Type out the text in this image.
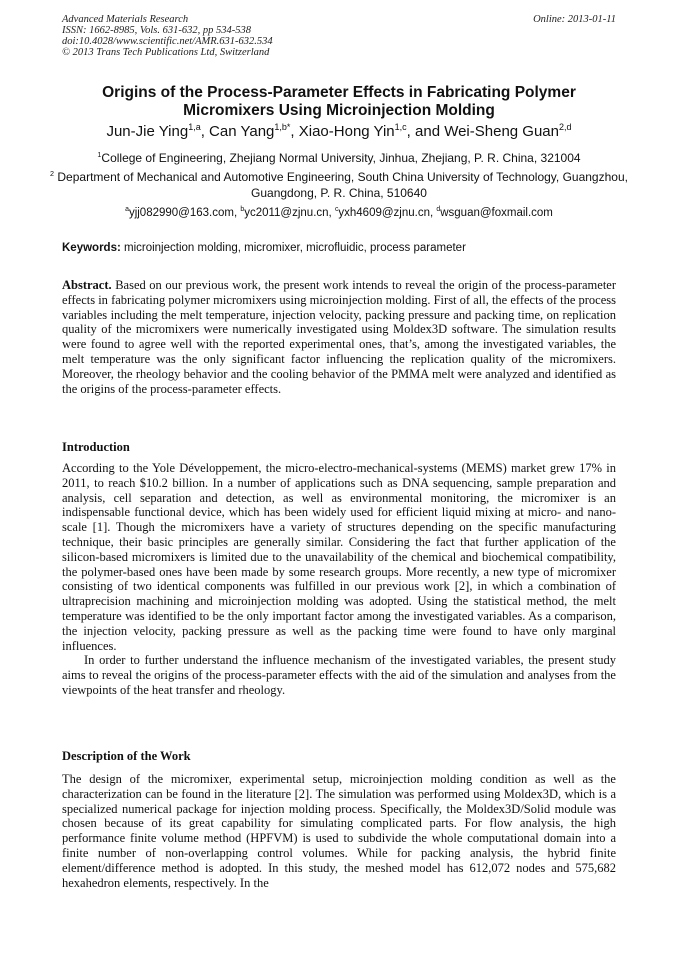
Advanced Materials Research
ISSN: 1662-8985, Vols. 631-632, pp 534-538
doi:10.4028/www.scientific.net/AMR.631-632.534
© 2013 Trans Tech Publications Ltd, Switzerland
Online: 2013-01-11
Origins of the Process-Parameter Effects in Fabricating Polymer
Micromixers Using Microinjection Molding
Jun-Jie Ying$^{1,a}$, Can Yang$^{1,b*}$, Xiao-Hong Yin$^{1,c}$, and Wei-Sheng Guan$^{2,d}$
$^1$College of Engineering, Zhejiang Normal University, Jinhua, Zhejiang, P. R. China, 321004
$^2$ Department of Mechanical and Automotive Engineering, South China University of Technology, Guangzhou, Guangdong, P. R. China, 510640
$^a$yjj082990@163.com, $^b$yc2011@zjnu.cn, $^c$yxh4609@zjnu.cn, $^d$wsguan@foxmail.com
Keywords: microinjection molding, micromixer, microfluidic, process parameter
Abstract. Based on our previous work, the present work intends to reveal the origin of the process-parameter effects in fabricating polymer micromixers using microinjection molding. First of all, the effects of the process variables including the melt temperature, injection velocity, packing pressure and packing time, on replication quality of the micromixers were numerically investigated using Moldex3D software. The simulation results were found to agree well with the reported experimental ones, that’s, among the investigated variables, the melt temperature was the only significant factor influencing the replication quality of the micromixers. Moreover, the rheology behavior and the cooling behavior of the PMMA melt were analyzed and identified as the origins of the process-parameter effects.
Introduction

According to the Yole Développement, the micro-electro-mechanical-systems (MEMS) market grew 17% in 2011, to reach $10.2 billion. In a number of applications such as DNA sequencing, sample preparation and analysis, cell separation and detection, as well as environmental monitoring, the micromixer is an indispensable functional device, which has been widely used for efficient liquid mixing at micro- and nano-scale [1]. Though the micromixers have a variety of structures depending on the specific manufacturing technique, their basic principles are generally similar. Considering the fact that further application of the silicon-based micromixers is limited due to the unavailability of the chemical and biochemical compatibility, the polymer-based ones have been made by some research groups. More recently, a new type of micromixer consisting of two identical components was fulfilled in our previous work [2], in which a combination of ultraprecision machining and microinjection molding was adopted. Using the statistical method, the melt temperature was identified to be the only important factor among the investigated variables. As a comparison, the injection velocity, packing pressure as well as the packing time were found to have only marginal influences.

In order to further understand the influence mechanism of the investigated variables, the present study aims to reveal the origins of the process-parameter effects with the aid of the simulation and analyses from the viewpoints of the heat transfer and rheology.

Description of the Work

The design of the micromixer, experimental setup, microinjection molding condition as well as the characterization can be found in the literature [2]. The simulation was performed using Moldex3D, which is a specialized numerical package for injection molding process. Specifically, the Moldex3D/Solid module was chosen because of its great capability for simulating complicated parts. For flow analysis, the high performance finite volume method (HPFVM) is used to subdivide the whole computational domain into a finite number of non-overlapping control volumes. While for packing analysis, the hybrid finite element/difference method is adopted. In this study, the meshed model has 612,072 nodes and 575,682 hexahedron elements, respectively. In the
